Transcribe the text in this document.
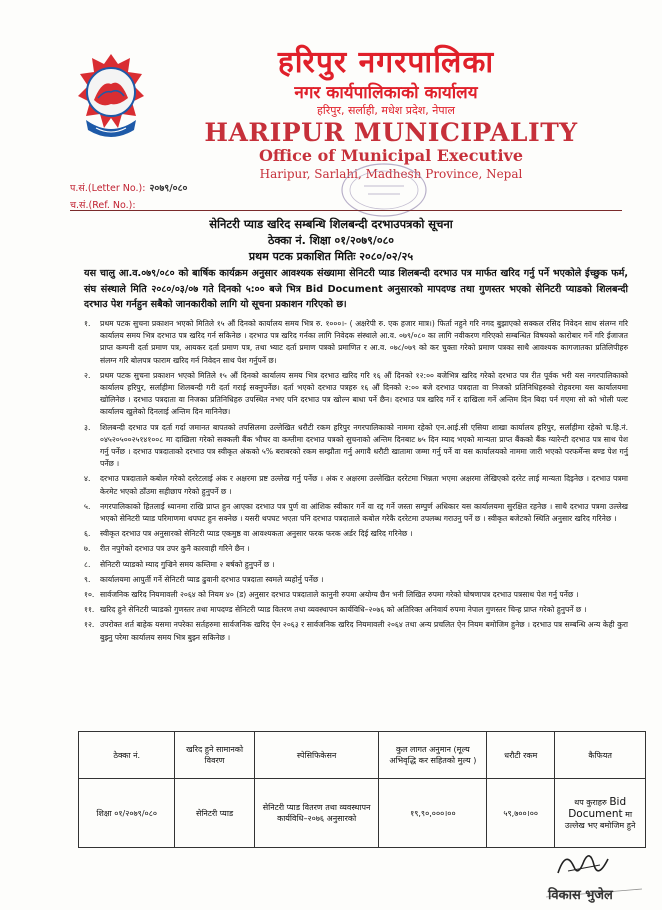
हरिपुर नगरपालिका
नगर कार्यपालिकाको कार्यालय
हरिपुर, सर्लाही, मधेश प्रदेश, नेपाल
HARIPUR MUNICIPALITY
Office of Municipal Executive
Haripur, Sarlahi, Madhesh Province, Nepal
प.सं.(Letter No.): २०७९/०८०
च.सं.(Ref. No.):
सेनिटरी प्याड खरिद सम्बन्धि शिलबन्दी दरभाउपत्रको सूचना
ठेक्का नं. शिक्षा ०१/२०७९/०८०
प्रथम पटक प्रकाशित मितिः २०८०/०२/२५
यस चालु आ.व.०७९/०८० को बार्षिक कार्यक्रम अनुसार आवश्यक संख्यामा सेनिटरी प्याड शिलबन्दी दरभाउ पत्र मार्फत खरिद गर्नु पर्ने भएकोले ईच्छुक फर्म, संघ संस्थाले मिति २०८०/०३/०७ गते दिनको ५:०० बजे भित्र Bid Document अनुसारको मापदण्ड तथा गुणस्तर भएको सेनिटरी प्याडको शिलबन्दी दरभाउ पेश गर्नहुन सबैको जानकारीको लागि यो सूचना प्रकाशन गरिएको छ।
१. प्रथम पटक सुचना प्रकाशन भएको मितिले १५ औं दिनको कार्यालय समय भित्र रु. १०००।- ( अक्षरेपी रु. एक हजार मात्र।) फिर्ता नहुने गरि नगद बुझाएको सक्कल रसिद निवेदन साथ संलग्न गरि कार्यालय समय भित्र दरभाउ पत्र खरिद गर्न सकिनेछ । दरभाउ पत्र खरिद गर्नका लागि निवेदक संस्थाले आ.व. ०७९/०८० का लागि नवीकरण गरिएको सम्बन्धित विषयको कारोबार गर्ने गरि ईजाजत प्राप्त कम्पनी दर्ता प्रमाण पत्र, आयकर दर्ता प्रमाण पत्र, तथा भ्याट दर्ता प्रमाण पत्रको प्रमाणित र आ.व. ०७८/०७९ को कर चुक्ता गरेको प्रमाण पत्रका साथै आवश्यक कागजातका प्रतिलिपीहरु संलग्न गरि बोलपत्र फाराम खरिद गर्न निवेदन साथ पेश गर्नुपर्ने छ।
२. प्रथम पटक सुचना प्रकाशन भएको मितिले १५ औं दिनको कार्यालय समय भित्र दरभाउ खरिद गरि १६ औं दिनको १२:०० बजेभित्र खरिद गरेको दरभाउ पत्र रीत पूर्वक भरी यस नगरपालिकाको कार्यालय हरिपुर, सर्लाहीमा शिलबन्दी गरी दर्ता गराई सक्नुपर्नेछ। दर्ता भएको दरभाउ पत्रहरु १६ औं दिनको २:०० बजे दरभाउ पत्रदाता वा निजको प्रतिनिधिहरुको रोहवरमा यस कार्यालयमा खोलिनेछ । दरभाउ पत्रदाता वा निजका प्रतिनिधिहरु उपस्थित नभए पनि दरभाउ पत्र खोल्न बाधा पर्ने छैन। दरभाउ पत्र खरिद गर्ने र दाखिला गर्ने अन्तिम दिन बिदा पर्न गएमा सो को भोली पल्ट कार्यालय खुलेको दिनलाई अन्तिम दिन मानिनेछ।
३. शिलबन्दी दरभाउ पत्र दर्ता गर्दा जमानत बापतको तपसिलमा उल्लेखित धरौटी रकम हरिपुर नगरपालिकाको नाममा रहेको एन.आई.सी एसिया शाखा कार्यालय हरिपुर, सर्लाहीमा रहेको च.हि.नं. ०४५२०५००२५१४१००८ मा दाखिला गरेको सक्कली बैंक भौचर वा कम्तीमा दरभाउ पत्रको सुचनाको अन्तिम दिनबाट ७५ दिन म्याद भएको मान्यता प्राप्त बैंकको बैंक ग्यारेन्टी दरभाउ पत्र साथ पेश गर्नु पर्नेछ । दरभाउ पत्रदाताको दरभाउ पत्र स्वीकृत अंकको ५% बराबरको रकम सम्झौता गर्नु अगावै धरौटी खातामा जम्मा गर्नु पर्ने वा यस कार्यालयको नाममा जारी भएको परफर्मेन्स बण्ड पेश गर्नु पर्नेछ ।
४. दरभाउ पत्रदाताले कबोल गरेको दररेटलाई अंक र अक्षरमा प्रष्ट उल्लेख गर्नु पर्नेछ । अंक र अक्षरमा उल्लेखित दररेटमा भिन्नता भएमा अक्षरमा लेखिएको दररेट लाई मान्यता दिइनेछ । दरभाउ पत्रमा केरमेट भएको ठाँउमा सहीछाप गरेको हुनुपर्ने छ ।
५. नगरपालिकाको हितलाई ध्यानमा राखि प्राप्त हुन आएका दरभाउ पत्र पुर्ण वा आंशिक स्वीकार गर्ने वा रद्द गर्ने जस्ता सम्पुर्ण अधिकार यस कार्यालयमा सुरक्षित रहनेछ । साथै दरभाउ पत्रमा उल्लेख भएको सेनिटरी प्याड परिमाणमा थपघट हुन सक्नेछ । यसरी थपघट भएता पनि दरभाउ पत्रदाताले कबोल गरेकै दररेटमा उपलब्ध गराउनु पर्ने छ । स्वीकृत बजेटको स्थिति अनुसार खरिद गरिनेछ ।
६. स्वीकृत दरभाउ पत्र अनुसारको सेनिटरी प्याड एकमुष्ठ वा आवश्यकता अनुसार फरक फरक अर्डर दिई खरिद गरिनेछ ।
७. रीत नपुगेको दरभाउ पत्र उपर कुनै कारवाही गरिने छैन ।
८. सेनिटरी प्याडको म्याद गुज्रिने समय कम्तिमा २ बर्षको हुनुपर्ने छ ।
९. कार्यालयमा आपुर्ती गर्ने सेनिटरी प्याड ढुवानी दरभाउ पत्रदाता स्वमले व्यहोर्नु पर्नेछ ।
१०. सार्वजनिक खरिद नियमावली २०६४ को नियम ४० (ड) अनुसार दरभाउ पत्रदाताले कानुनी रुपमा अयोग्य छैन भनी लिखित रुपमा गरेको घोषणापत्र दरभाउ पत्रसाथ पेश गर्नु पर्नेछ ।
११. खरिद हुने सेनिटरी प्याडको गुणस्तर तथा मापदण्ड सेनिटरी प्याड वितरण तथा व्यवस्थापन कार्यविधि–२०७६ को अतिरिक्त अनिवार्य रुपमा नेपाल गुणस्तर चिन्ह प्राप्त गरेको हुनुपर्ने छ ।
१२. उपरोक्त शर्त बाहेक यसमा नपरेका सर्तहरुमा सार्वजनिक खरिद ऐन २०६३ र सार्वजनिक खरिद नियमावली २०६४ तथा अन्य प्रचलित ऐन नियम बमोजिम हुनेछ । दरभाउ पत्र सम्बन्धि अन्य केही कुरा बुझ्नु परेमा कार्यालय समय भित्र बुझ्न सकिनेछ ।
ठेक्का नं.	खरिद हुने सामानको विवरण	स्पेसिफिकेसन	कुल लागत अनुमान (मूल्य अभिवृद्धि कर सहितको मुल्य )	धरौटी रकम	कैफियत
शिक्षा ०१/२०७९/०८०	सेनिटरी प्याड	सेनिटरी प्याड वितरण तथा व्यवस्थापन कार्यविधि–२०७६ अनुसारको	१९,९०,०००।००	५९,७००।००	थप कुराहरु Bid Document मा उल्लेख भए बमोजिम हुने
विकास भुजेल
